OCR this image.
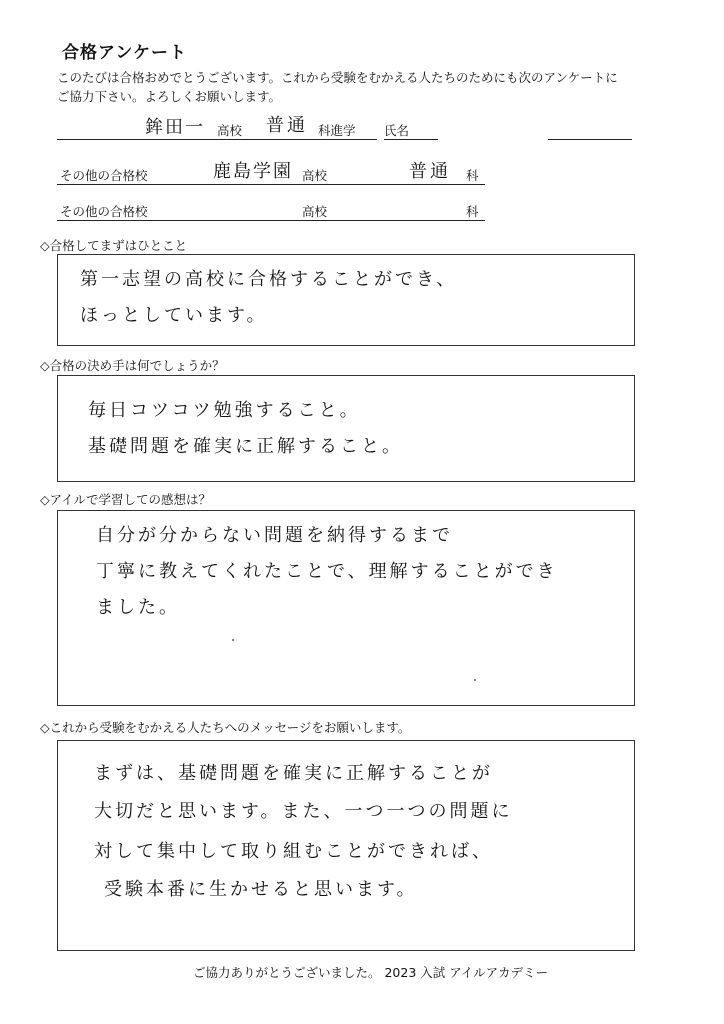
合格アンケート
このたびは合格おめでとうございます。これから受験をむかえる人たちのためにも次のアンケートに
ご協力下さい。よろしくお願いします。
鉾田一 高校 普通 科進学 氏名
その他の合格校	鹿島学園 高校	普通 科
その他の合格校	高校	科
◇合格してまずはひとこと
第一志望の高校に合格することができ、
ほっとしています。
◇合格の決め手は何でしょうか？
毎日コツコツ勉強すること。
基礎問題を確実に正解すること。
◇アイルで学習しての感想は？
自分が分からない問題を納得するまで
丁寧に教えてくれたことで、理解することができ
ました。
◇これから受験をむかえる人たちへのメッセージをお願いします。
まずは、基礎問題を確実に正解することが
大切だと思います。また、一つ一つの問題に
対して集中して取り組むことができれば、
受験本番に生かせると思います。
ご協力ありがとうございました。 2023 入試 アイルアカデミー
